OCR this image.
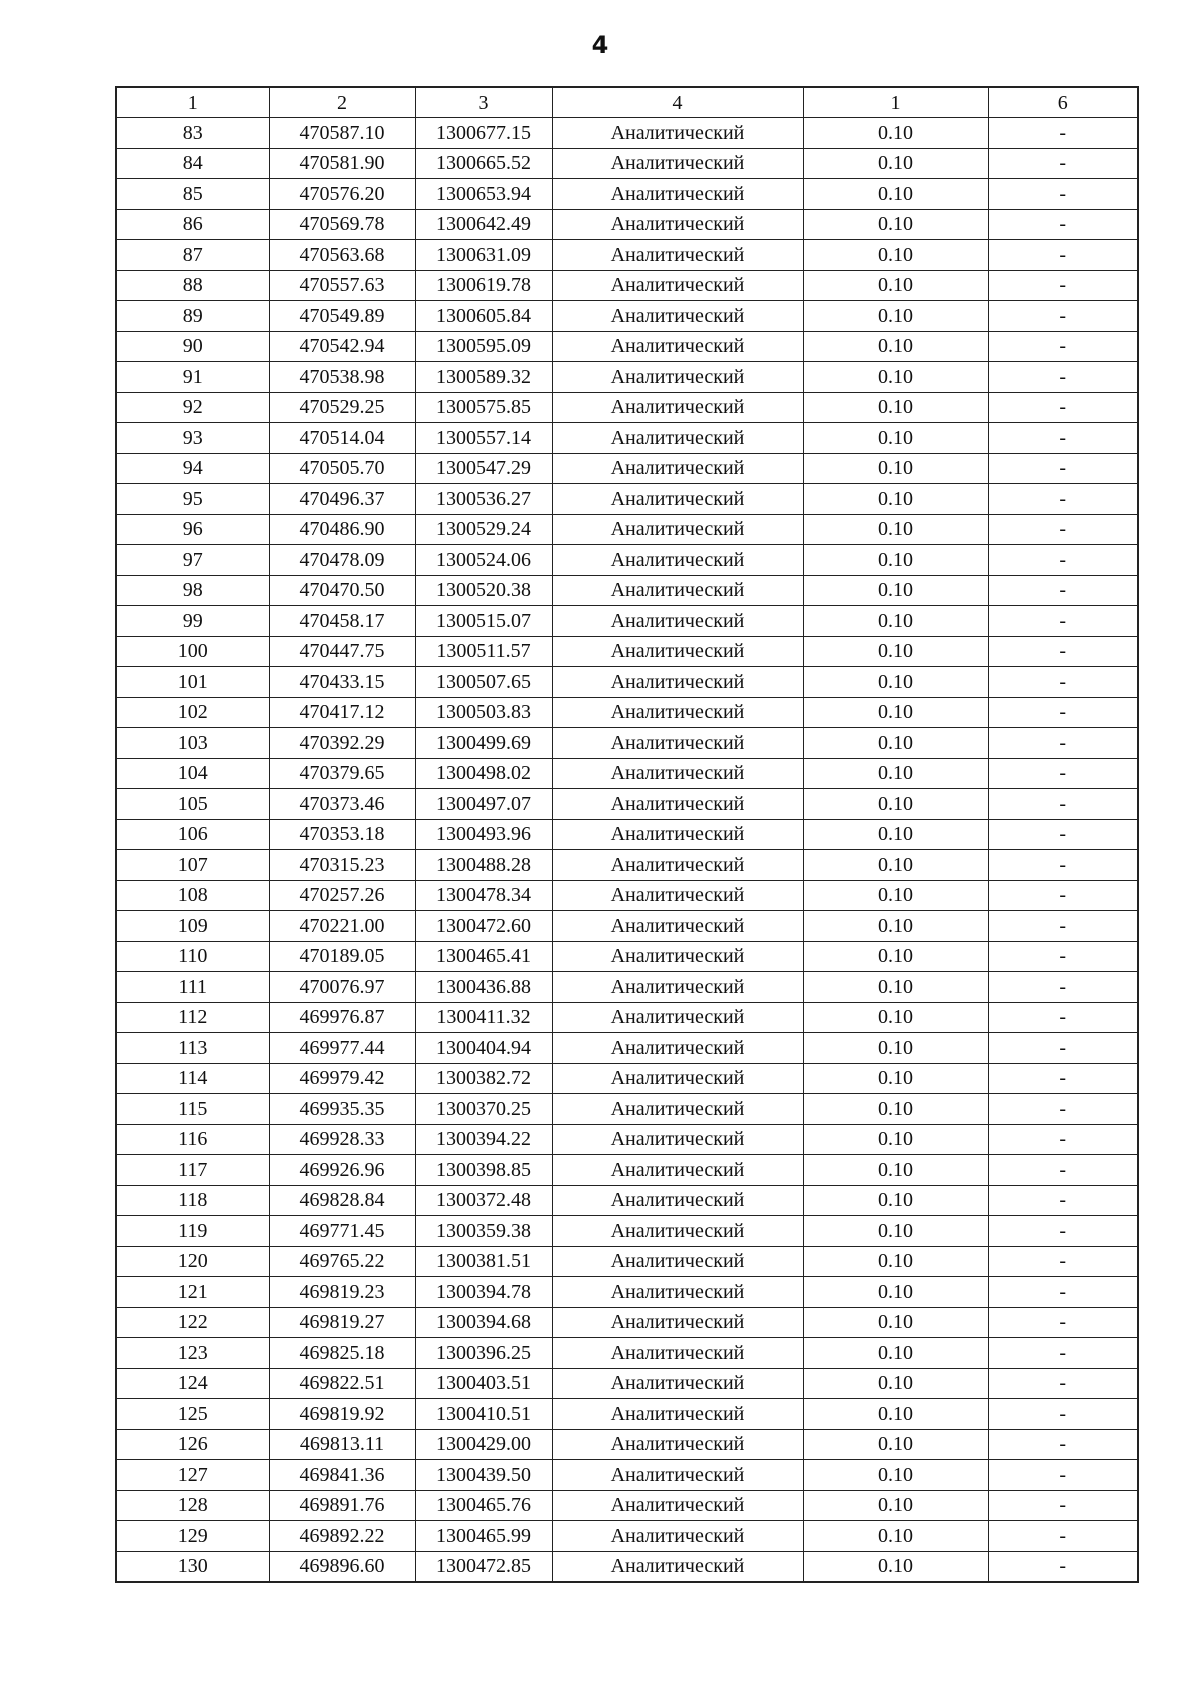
4
1	2	3	4	1	6
83	470587.10	1300677.15	Аналитический	0.10	-
84	470581.90	1300665.52	Аналитический	0.10	-
85	470576.20	1300653.94	Аналитический	0.10	-
86	470569.78	1300642.49	Аналитический	0.10	-
87	470563.68	1300631.09	Аналитический	0.10	-
88	470557.63	1300619.78	Аналитический	0.10	-
89	470549.89	1300605.84	Аналитический	0.10	-
90	470542.94	1300595.09	Аналитический	0.10	-
91	470538.98	1300589.32	Аналитический	0.10	-
92	470529.25	1300575.85	Аналитический	0.10	-
93	470514.04	1300557.14	Аналитический	0.10	-
94	470505.70	1300547.29	Аналитический	0.10	-
95	470496.37	1300536.27	Аналитический	0.10	-
96	470486.90	1300529.24	Аналитический	0.10	-
97	470478.09	1300524.06	Аналитический	0.10	-
98	470470.50	1300520.38	Аналитический	0.10	-
99	470458.17	1300515.07	Аналитический	0.10	-
100	470447.75	1300511.57	Аналитический	0.10	-
101	470433.15	1300507.65	Аналитический	0.10	-
102	470417.12	1300503.83	Аналитический	0.10	-
103	470392.29	1300499.69	Аналитический	0.10	-
104	470379.65	1300498.02	Аналитический	0.10	-
105	470373.46	1300497.07	Аналитический	0.10	-
106	470353.18	1300493.96	Аналитический	0.10	-
107	470315.23	1300488.28	Аналитический	0.10	-
108	470257.26	1300478.34	Аналитический	0.10	-
109	470221.00	1300472.60	Аналитический	0.10	-
110	470189.05	1300465.41	Аналитический	0.10	-
111	470076.97	1300436.88	Аналитический	0.10	-
112	469976.87	1300411.32	Аналитический	0.10	-
113	469977.44	1300404.94	Аналитический	0.10	-
114	469979.42	1300382.72	Аналитический	0.10	-
115	469935.35	1300370.25	Аналитический	0.10	-
116	469928.33	1300394.22	Аналитический	0.10	-
117	469926.96	1300398.85	Аналитический	0.10	-
118	469828.84	1300372.48	Аналитический	0.10	-
119	469771.45	1300359.38	Аналитический	0.10	-
120	469765.22	1300381.51	Аналитический	0.10	-
121	469819.23	1300394.78	Аналитический	0.10	-
122	469819.27	1300394.68	Аналитический	0.10	-
123	469825.18	1300396.25	Аналитический	0.10	-
124	469822.51	1300403.51	Аналитический	0.10	-
125	469819.92	1300410.51	Аналитический	0.10	-
126	469813.11	1300429.00	Аналитический	0.10	-
127	469841.36	1300439.50	Аналитический	0.10	-
128	469891.76	1300465.76	Аналитический	0.10	-
129	469892.22	1300465.99	Аналитический	0.10	-
130	469896.60	1300472.85	Аналитический	0.10	-
